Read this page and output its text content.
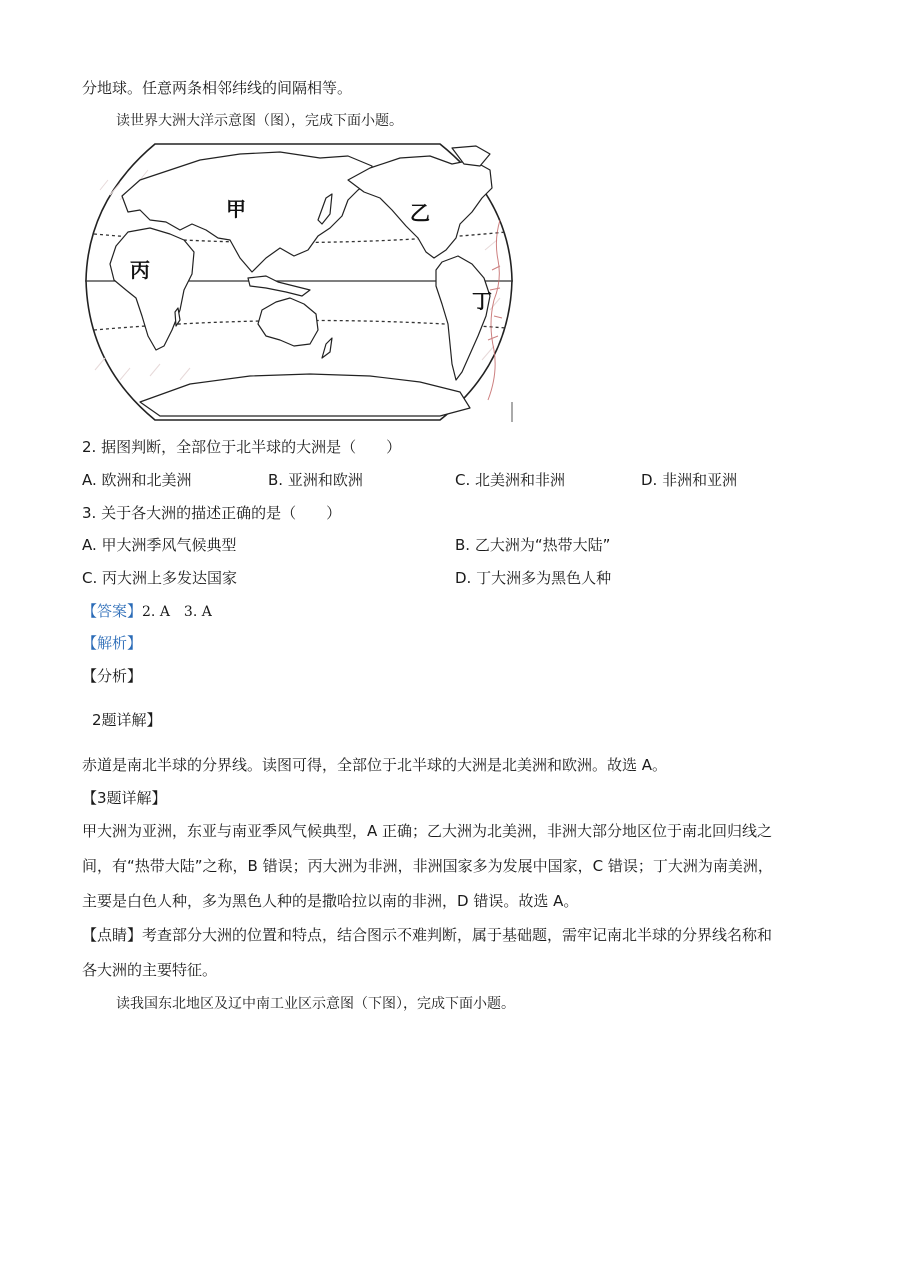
分地球。任意两条相邻纬线的间隔相等。
读世界大洲大洋示意图（图），完成下面小题。
甲	乙
丙
丁
2. 据图判断，全部位于北半球的大洲是（　　）
A. 欧洲和北美洲	B. 亚洲和欧洲	C. 北美洲和非洲	D. 非洲和亚洲
3. 关于各大洲的描述正确的是（　　）
A. 甲大洲季风气候典型	B. 乙大洲为“热带大陆”
C. 丙大洲上多发达国家	D. 丁大洲多为黑色人种
【答案】2. A　3. A
【解析】
【分析】
2题详解】
赤道是南北半球的分界线。读图可得，全部位于北半球的大洲是北美洲和欧洲。故选 A。
【3题详解】
甲大洲为亚洲，东亚与南亚季风气候典型，A 正确；乙大洲为北美洲，非洲大部分地区位于南北回归线之
间，有“热带大陆”之称，B 错误；丙大洲为非洲，非洲国家多为发展中国家，C 错误；丁大洲为南美洲，
主要是白色人种，多为黑色人种的是撒哈拉以南的非洲，D 错误。故选 A。
【点睛】考查部分大洲的位置和特点，结合图示不难判断，属于基础题，需牢记南北半球的分界线名称和
各大洲的主要特征。
读我国东北地区及辽中南工业区示意图（下图），完成下面小题。
